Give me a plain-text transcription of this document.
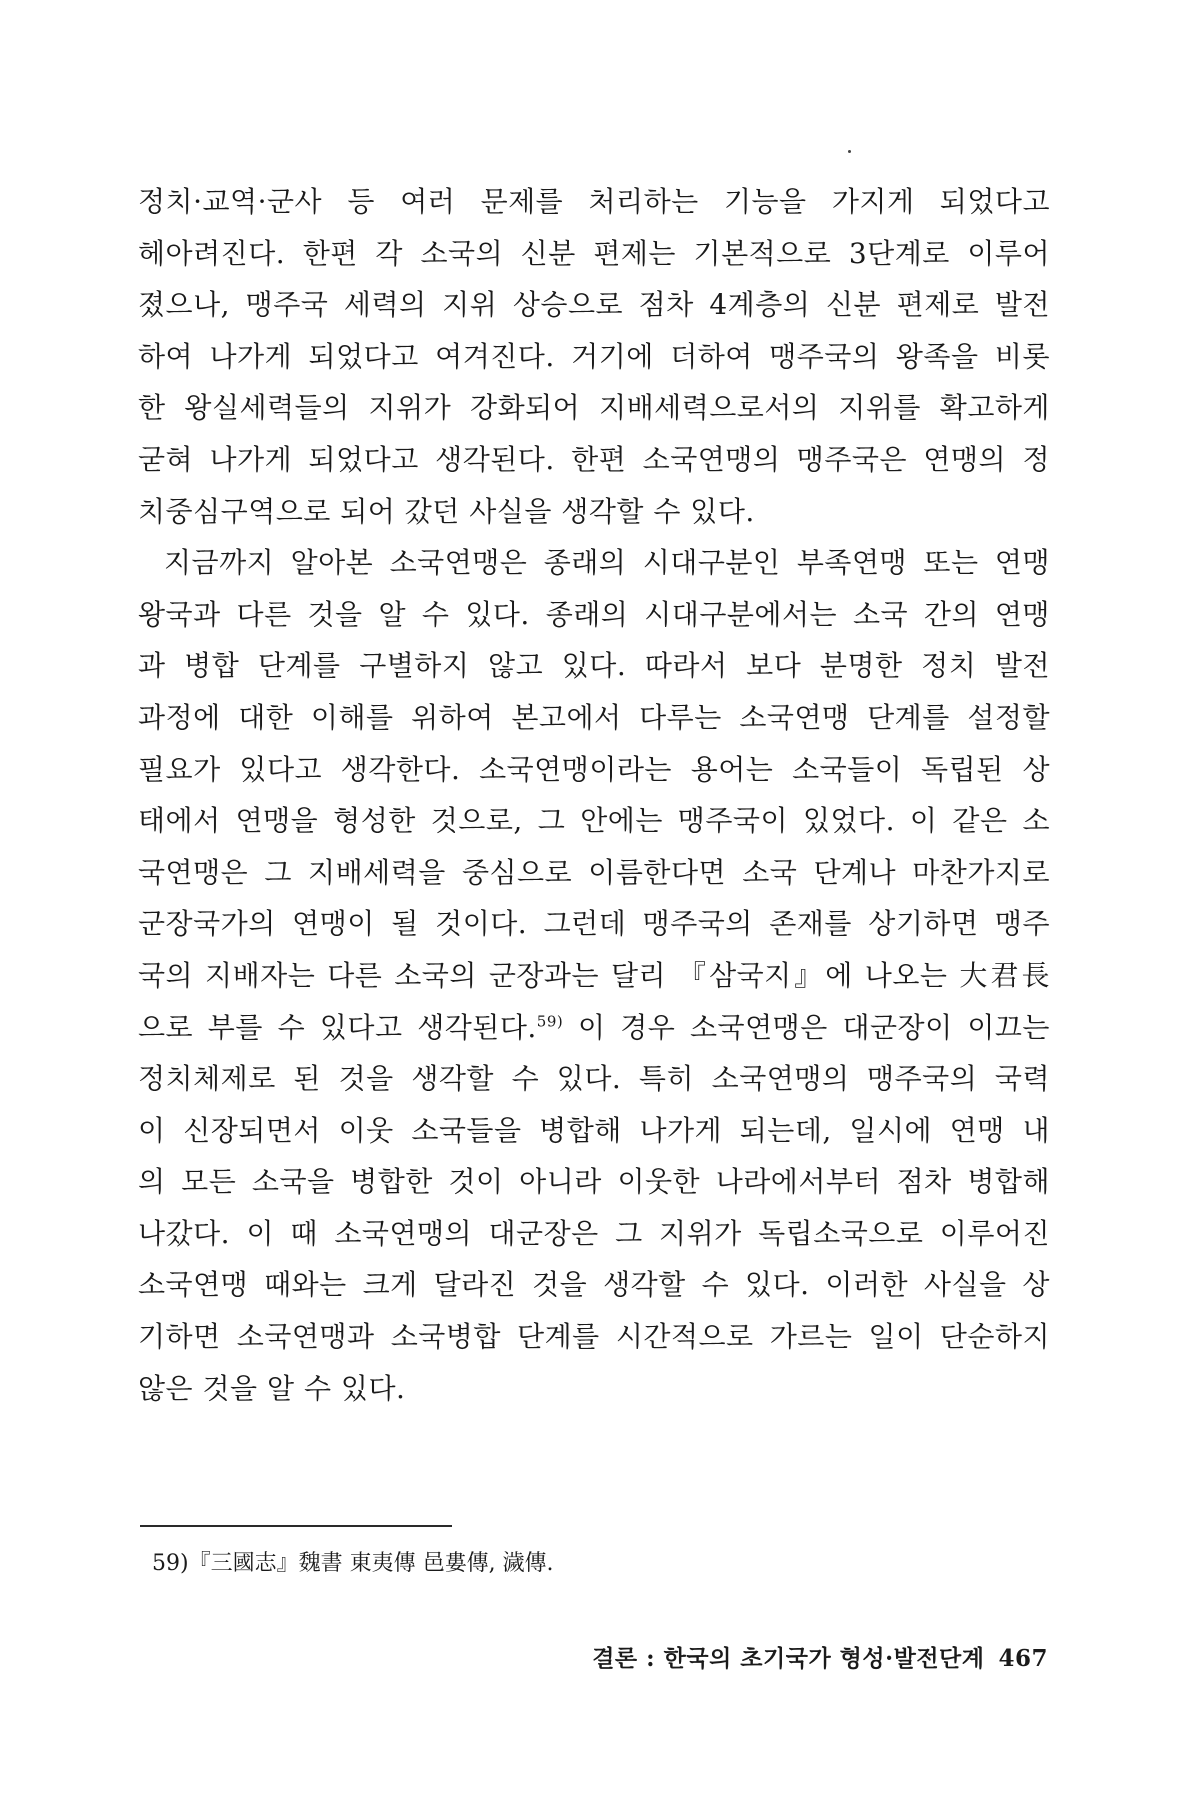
정치·교역·군사 등 여러 문제를 처리하는 기능을 가지게 되었다고
헤아려진다. 한편 각 소국의 신분 편제는 기본적으로 3단계로 이루어
졌으나, 맹주국 세력의 지위 상승으로 점차 4계층의 신분 편제로 발전
하여 나가게 되었다고 여겨진다. 거기에 더하여 맹주국의 왕족을 비롯
한 왕실세력들의 지위가 강화되어 지배세력으로서의 지위를 확고하게
굳혀 나가게 되었다고 생각된다. 한편 소국연맹의 맹주국은 연맹의 정
치중심구역으로 되어 갔던 사실을 생각할 수 있다.
지금까지 알아본 소국연맹은 종래의 시대구분인 부족연맹 또는 연맹
왕국과 다른 것을 알 수 있다. 종래의 시대구분에서는 소국 간의 연맹
과 병합 단계를 구별하지 않고 있다. 따라서 보다 분명한 정치 발전
과정에 대한 이해를 위하여 본고에서 다루는 소국연맹 단계를 설정할
필요가 있다고 생각한다. 소국연맹이라는 용어는 소국들이 독립된 상
태에서 연맹을 형성한 것으로, 그 안에는 맹주국이 있었다. 이 같은 소
국연맹은 그 지배세력을 중심으로 이름한다면 소국 단계나 마찬가지로
군장국가의 연맹이 될 것이다. 그런데 맹주국의 존재를 상기하면 맹주
국의 지배자는 다른 소국의 군장과는 달리 『삼국지』에 나오는 大君長
으로 부를 수 있다고 생각된다.$^{59)}$ 이 경우 소국연맹은 대군장이 이끄는
정치체제로 된 것을 생각할 수 있다. 특히 소국연맹의 맹주국의 국력
이 신장되면서 이웃 소국들을 병합해 나가게 되는데, 일시에 연맹 내
의 모든 소국을 병합한 것이 아니라 이웃한 나라에서부터 점차 병합해
나갔다. 이 때 소국연맹의 대군장은 그 지위가 독립소국으로 이루어진
소국연맹 때와는 크게 달라진 것을 생각할 수 있다. 이러한 사실을 상
기하면 소국연맹과 소국병합 단계를 시간적으로 가르는 일이 단순하지
않은 것을 알 수 있다.
59)『三國志』魏書 東夷傳 邑婁傳, 濊傳.
결론 : 한국의 초기국가 형성·발전단계 467
